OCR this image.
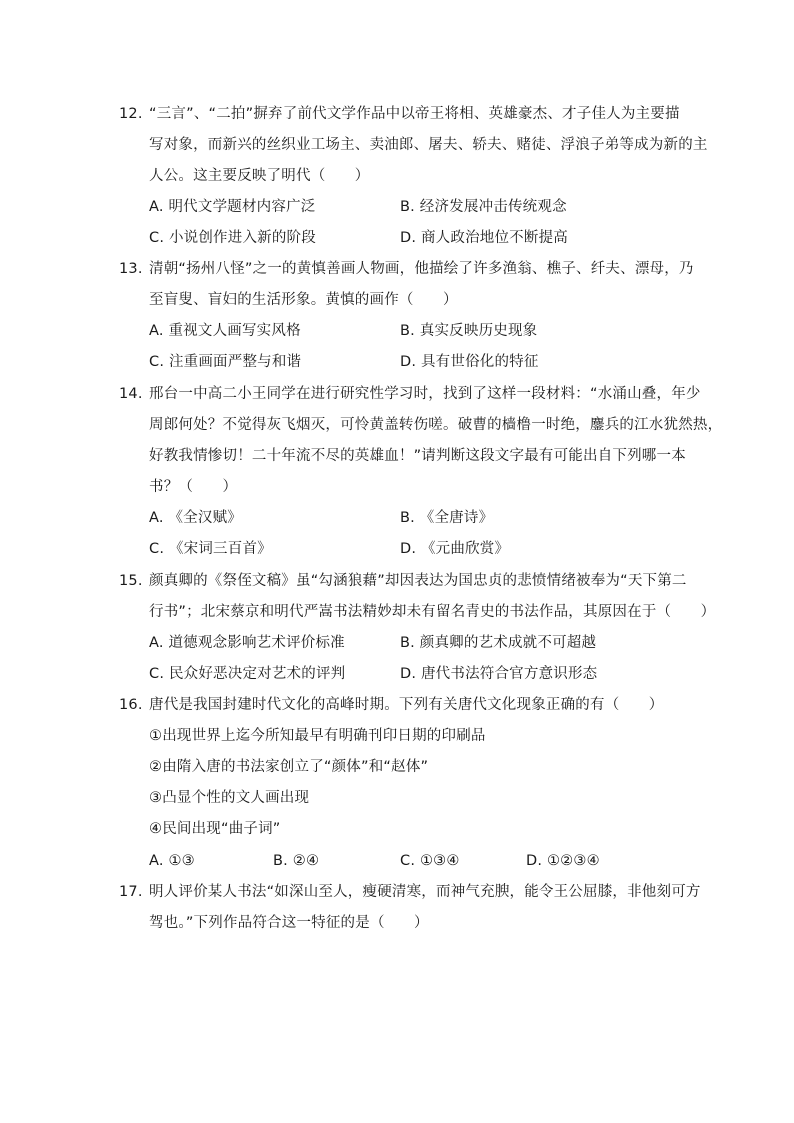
12. “三言”、“二拍”摒弃了前代文学作品中以帝王将相、英雄豪杰、才子佳人为主要描
写对象，而新兴的丝织业工场主、卖油郎、屠夫、轿夫、赌徒、浮浪子弟等成为新的主
人公。这主要反映了明代（　　）
A. 明代文学题材内容广泛	B. 经济发展冲击传统观念
C. 小说创作进入新的阶段	D. 商人政治地位不断提高
13. 清朝“扬州八怪”之一的黄慎善画人物画，他描绘了许多渔翁、樵子、纤夫、漂母，乃
至盲叟、盲妇的生活形象。黄慎的画作（　　）
A. 重视文人画写实风格	B. 真实反映历史现象
C. 注重画面严整与和谐	D. 具有世俗化的特征
14. 邢台一中高二小王同学在进行研究性学习时，找到了这样一段材料：“水涌山叠，年少
周郎何处？不觉得灰飞烟灭，可怜黄盖转伤嗟。破曹的樯橹一时绝，鏖兵的江水犹然热，
好教我情惨切！二十年流不尽的英雄血！”请判断这段文字最有可能出自下列哪一本
书？（　　）
A. 《全汉赋》	B. 《全唐诗》
C. 《宋词三百首》	D. 《元曲欣赏》
15. 颜真卿的《祭侄文稿》虽“勾涵狼藉”却因表达为国忠贞的悲愤情绪被奉为“天下第二
行书”；北宋蔡京和明代严嵩书法精妙却未有留名青史的书法作品，其原因在于（　　）
A. 道德观念影响艺术评价标准	B. 颜真卿的艺术成就不可超越
C. 民众好恶决定对艺术的评判	D. 唐代书法符合官方意识形态
16. 唐代是我国封建时代文化的高峰时期。下列有关唐代文化现象正确的有（　　）
①出现世界上迄今所知最早有明确刊印日期的印刷品
②由隋入唐的书法家创立了“颜体”和“赵体”
③凸显个性的文人画出现
④民间出现“曲子词”
A. ①③	B. ②④	C. ①③④	D. ①②③④
17. 明人评价某人书法“如深山至人，瘦硬清寒，而神气充腴，能令王公屈膝，非他刻可方
驾也。”下列作品符合这一特征的是（　　）
